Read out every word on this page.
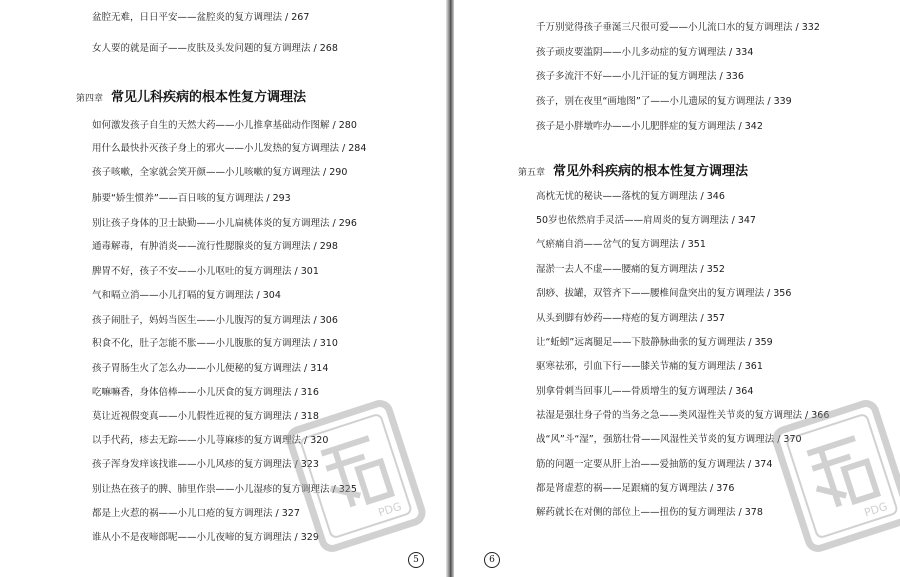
盆腔无难，日日平安——盆腔炎的复方调理法 / 267
女人要的就是面子——皮肤及头发问题的复方调理法 / 268
第四章 常见儿科疾病的根本性复方调理法
如何激发孩子自生的天然大药——小儿推拿基础动作图解 / 280
用什么最快扑灭孩子身上的邪火——小儿发热的复方调理法 / 284
孩子咳嗽，全家就会笑开颜——小儿咳嗽的复方调理法 / 290
肺要“娇生惯养”——百日咳的复方调理法 / 293
别让孩子身体的卫士缺勤——小儿扁桃体炎的复方调理法 / 296
通毒解毒，有肿消炎——流行性腮腺炎的复方调理法 / 298
脾胃不好，孩子不安——小儿呕吐的复方调理法 / 301
气和嗝立消——小儿打嗝的复方调理法 / 304
孩子闹肚子，妈妈当医生——小儿腹泻的复方调理法 / 306
积食不化，肚子怎能不胀——小儿腹胀的复方调理法 / 310
孩子胃肠生火了怎么办——小儿便秘的复方调理法 / 314
吃嘛嘛香，身体倍棒——小儿厌食的复方调理法 / 316
莫让近视假变真——小儿假性近视的复方调理法 / 318
以手代药，疹去无踪——小儿荨麻疹的复方调理法 / 320
孩子浑身发痒该找谁——小儿风疹的复方调理法 / 323
别让热在孩子的脾、肺里作祟——小儿湿疹的复方调理法 / 325
都是上火惹的祸——小儿口疮的复方调理法 / 327
谁从小不是夜啼郎呢——小儿夜啼的复方调理法 / 329
PDG
5
千万别觉得孩子垂涎三尺很可爱——小儿流口水的复方调理法 / 332
孩子顽皮要滥阴——小儿多动症的复方调理法 / 334
孩子多流汗不好——小儿汗证的复方调理法 / 336
孩子，别在夜里“画地图”了——小儿遗尿的复方调理法 / 339
孩子是小胖墩咋办——小儿肥胖症的复方调理法 / 342
第五章 常见外科疾病的根本性复方调理法
高枕无忧的秘诀——落枕的复方调理法 / 346
50岁也依然肩手灵活——肩周炎的复方调理法 / 347
气瘀痛自消——岔气的复方调理法 / 351
湿淤一去人不虚——腰痛的复方调理法 / 352
刮痧、拔罐，双管齐下——腰椎间盘突出的复方调理法 / 356
从头到脚有妙药——痔疮的复方调理法 / 357
让“蚯蚓”远离腿足——下肢静脉曲张的复方调理法 / 359
驱寒祛邪，引血下行——膝关节痛的复方调理法 / 361
别拿骨刺当回事儿——骨质增生的复方调理法 / 364
祛湿是强壮身子骨的当务之急——类风湿性关节炎的复方调理法 / 366
战“风”斗“湿”，强筋壮骨——风湿性关节炎的复方调理法 / 370
筋的问题一定要从肝上治——爱抽筋的复方调理法 / 374
都是肾虚惹的祸——足跟痛的复方调理法 / 376
解药就长在对侧的部位上——扭伤的复方调理法 / 378	PDG
6
